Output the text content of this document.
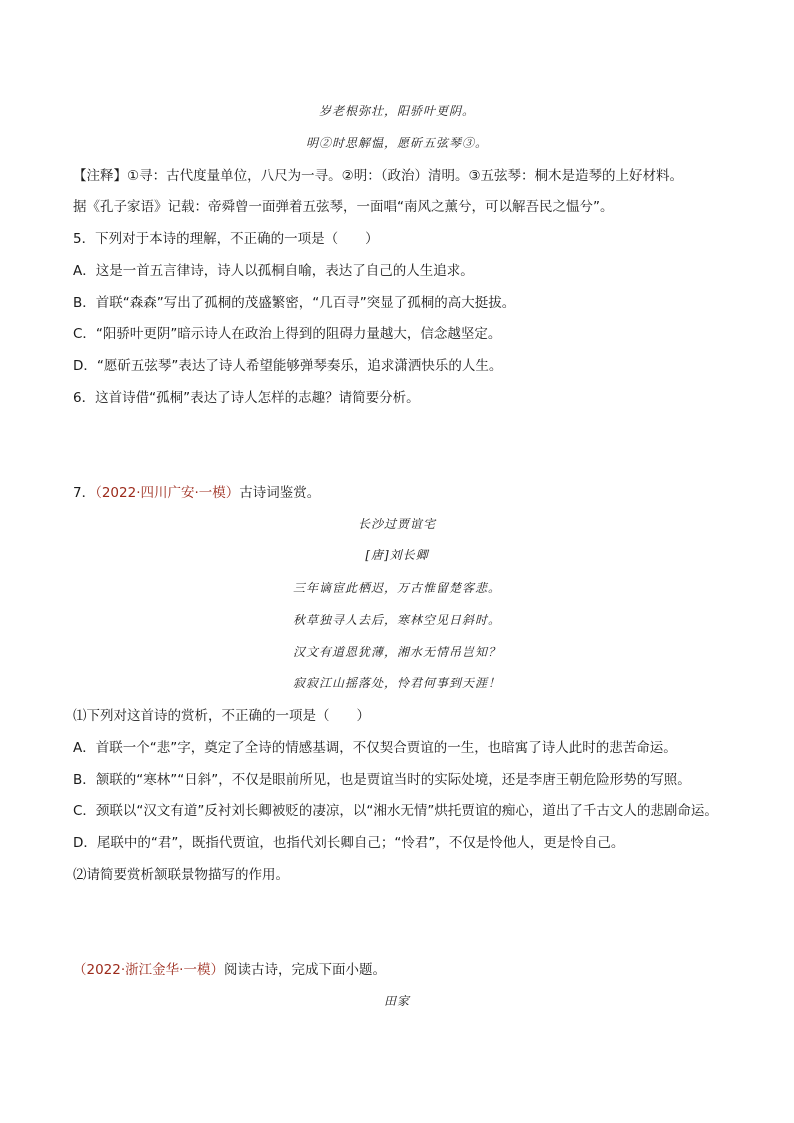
岁老根弥壮，阳骄叶更阴。
明②时思解愠，愿斫五弦琴③。
【注释】①寻：古代度量单位，八尺为一寻。②明：（政治）清明。③五弦琴：桐木是造琴的上好材料。
据《孔子家语》记载：帝舜曾一面弹着五弦琴，一面唱“南风之薰兮，可以解吾民之愠兮”。
5．下列对于本诗的理解，不正确的一项是（　　）
A．这是一首五言律诗，诗人以孤桐自喻，表达了自己的人生追求。
B．首联“森森”写出了孤桐的茂盛繁密，“几百寻”突显了孤桐的高大挺拔。
C．“阳骄叶更阴”暗示诗人在政治上得到的阻碍力量越大，信念越坚定。
D．“愿斫五弦琴”表达了诗人希望能够弹琴奏乐，追求潇洒快乐的人生。
6．这首诗借“孤桐”表达了诗人怎样的志趣？请简要分析。
7．（2022·四川广安·一模）古诗词鉴赏。
长沙过贾谊宅
[唐]刘长卿
三年谪宦此栖迟，万古惟留楚客悲。
秋草独寻人去后，寒林空见日斜时。
汉文有道恩犹薄，湘水无情吊岂知？
寂寂江山摇落处，怜君何事到天涯！
⑴下列对这首诗的赏析，不正确的一项是（　　）
A．首联一个“悲”字，奠定了全诗的情感基调，不仅契合贾谊的一生，也暗寓了诗人此时的悲苦命运。
B．颔联的“寒林”“日斜”，不仅是眼前所见，也是贾谊当时的实际处境，还是李唐王朝危险形势的写照。
C．颈联以“汉文有道”反衬刘长卿被贬的凄凉，以“湘水无情”烘托贾谊的痴心，道出了千古文人的悲剧命运。
D．尾联中的“君”，既指代贾谊，也指代刘长卿自己；“怜君”，不仅是怜他人，更是怜自己。
⑵请简要赏析颔联景物描写的作用。
（2022·浙江金华·一模）阅读古诗，完成下面小题。
田家
